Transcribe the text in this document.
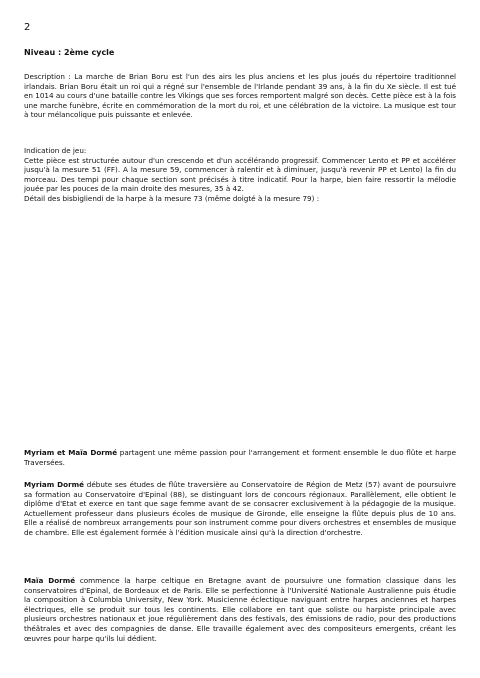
2
Niveau : 2ème cycle

Description : La marche de Brian Boru est l'un des airs les plus anciens et les plus joués du répertoire traditionnel irlandais. Brian Boru était un roi qui a régné sur l'ensemble de l'Irlande pendant 39 ans, à la fin du Xe siècle. Il est tué en 1014 au cours d'une bataille contre les Vikings que ses forces remportent malgré son decès. Cette pièce est à la fois une marche funèbre, écrite en commémoration de la mort du roi, et une célébration de la victoire. La musique est tour à tour mélancolique puis puissante et enlevée.

Indication de jeu:

Cette pièce est structurée autour d'un crescendo et d'un accélérando progressif. Commencer Lento et PP et accélérer jusqu'à la mesure 51 (FF). A la mesure 59, commencer à ralentir et à diminuer, jusqu'à revenir PP et Lento) la fin du morceau. Des tempi pour chaque section sont précisés à titre indicatif. Pour la harpe, bien faire ressortir la mélodie jouée par les pouces de la main droite des mesures, 35 à 42.

Détail des bisbigliendi de la harpe à la mesure 73 (même doigté à la mesure 79) :

Myriam et Maïa Dormé partagent une même passion pour l'arrangement et forment ensemble le duo flûte et harpe Traversées.

Myriam Dormé débute ses études de flûte traversière au Conservatoire de Région de Metz (57) avant de poursuivre sa formation au Conservatoire d'Epinal (88), se distinguant lors de concours régionaux. Parallèlement, elle obtient le diplôme d'Etat et exerce en tant que sage femme avant de se consacrer exclusivement à la pédagogie de la musique. Actuellement professeur dans plusieurs écoles de musique de Gironde, elle enseigne la flûte depuis plus de 10 ans. Elle a réalisé de nombreux arrangements pour son instrument comme pour divers orchestres et ensembles de musique de chambre. Elle est également formée à l'édition musicale ainsi qu'à la direction d'orchestre.

Maïa Dormé commence la harpe celtique en Bretagne avant de poursuivre une formation classique dans les conservatoires d'Epinal, de Bordeaux et de Paris. Elle se perfectionne à l'Université Nationale Australienne puis étudie la composition à Columbia University, New York. Musicienne éclectique naviguant entre harpes anciennes et harpes électriques, elle se produit sur tous les continents. Elle collabore en tant que soliste ou harpiste principale avec plusieurs orchestres nationaux et joue régulièrement dans des festivals, des émissions de radio, pour des productions théâtrales et avec des compagnies de danse. Elle travaille également avec des compositeurs emergents, créant les œuvres pour harpe qu'ils lui dédient.
